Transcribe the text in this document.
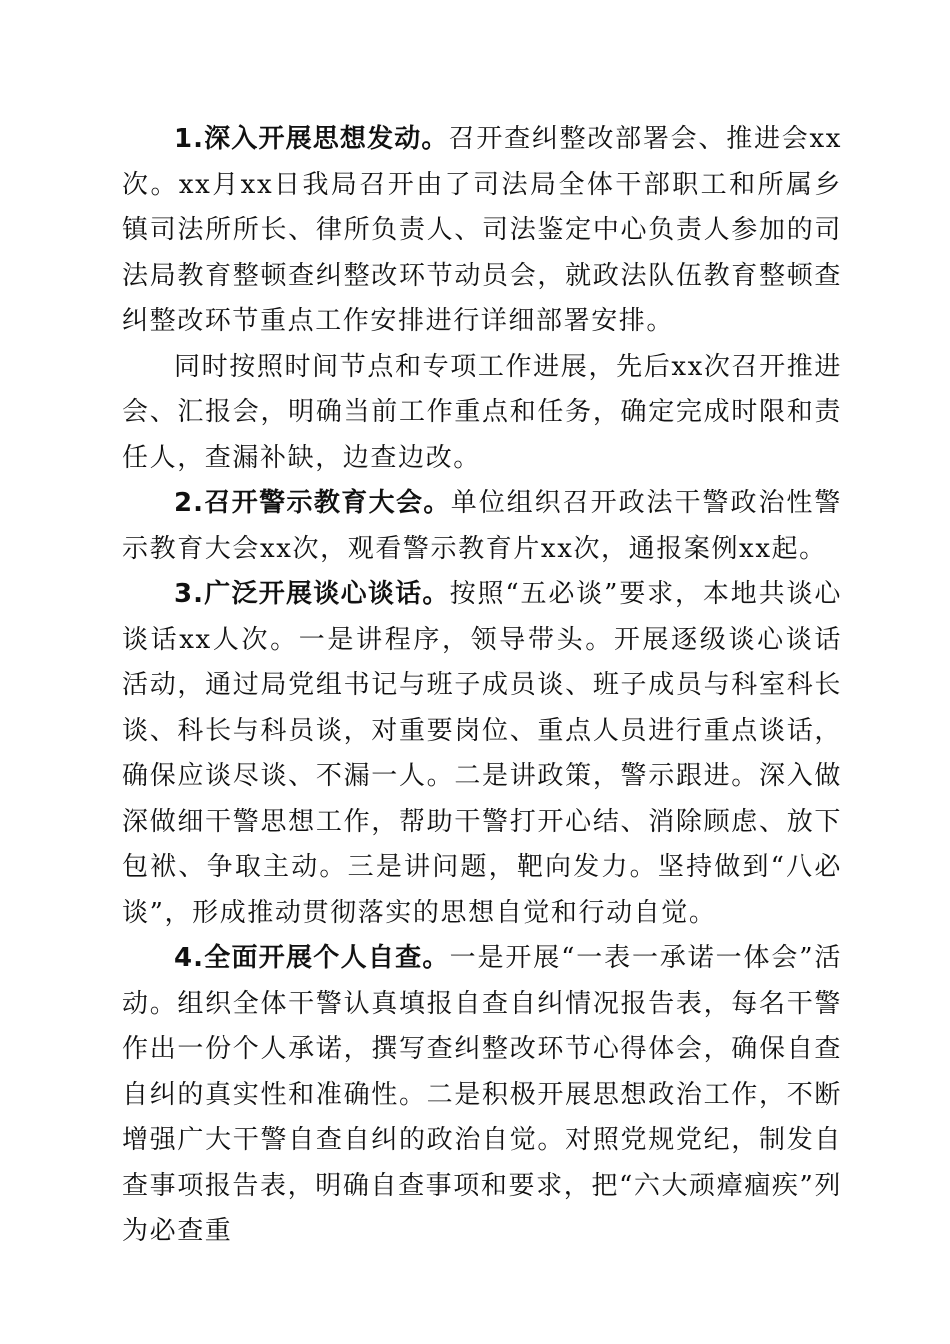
1.深入开展思想发动。召开查纠整改部署会、推进会xx次。xx月xx日我局召开由了司法局全体干部职工和所属乡镇司法所所长、律所负责人、司法鉴定中心负责人参加的司法局教育整顿查纠整改环节动员会，就政法队伍教育整顿查纠整改环节重点工作安排进行详细部署安排。

同时按照时间节点和专项工作进展，先后xx次召开推进会、汇报会，明确当前工作重点和任务，确定完成时限和责任人，查漏补缺，边查边改。

2.召开警示教育大会。单位组织召开政法干警政治性警示教育大会xx次，观看警示教育片xx次，通报案例xx起。

3.广泛开展谈心谈话。按照“五必谈”要求，本地共谈心谈话xx人次。一是讲程序，领导带头。开展逐级谈心谈话活动，通过局党组书记与班子成员谈、班子成员与科室科长谈、科长与科员谈，对重要岗位、重点人员进行重点谈话，确保应谈尽谈、不漏一人。二是讲政策，警示跟进。深入做深做细干警思想工作，帮助干警打开心结、消除顾虑、放下包袱、争取主动。三是讲问题，靶向发力。坚持做到“八必谈”，形成推动贯彻落实的思想自觉和行动自觉。

4.全面开展个人自查。一是开展“一表一承诺一体会”活动。组织全体干警认真填报自查自纠情况报告表，每名干警作出一份个人承诺，撰写查纠整改环节心得体会，确保自查自纠的真实性和准确性。二是积极开展思想政治工作，不断增强广大干警自查自纠的政治自觉。对照党规党纪，制发自查事项报告表，明确自查事项和要求，把“六大顽瘴痼疾”列为必查重
